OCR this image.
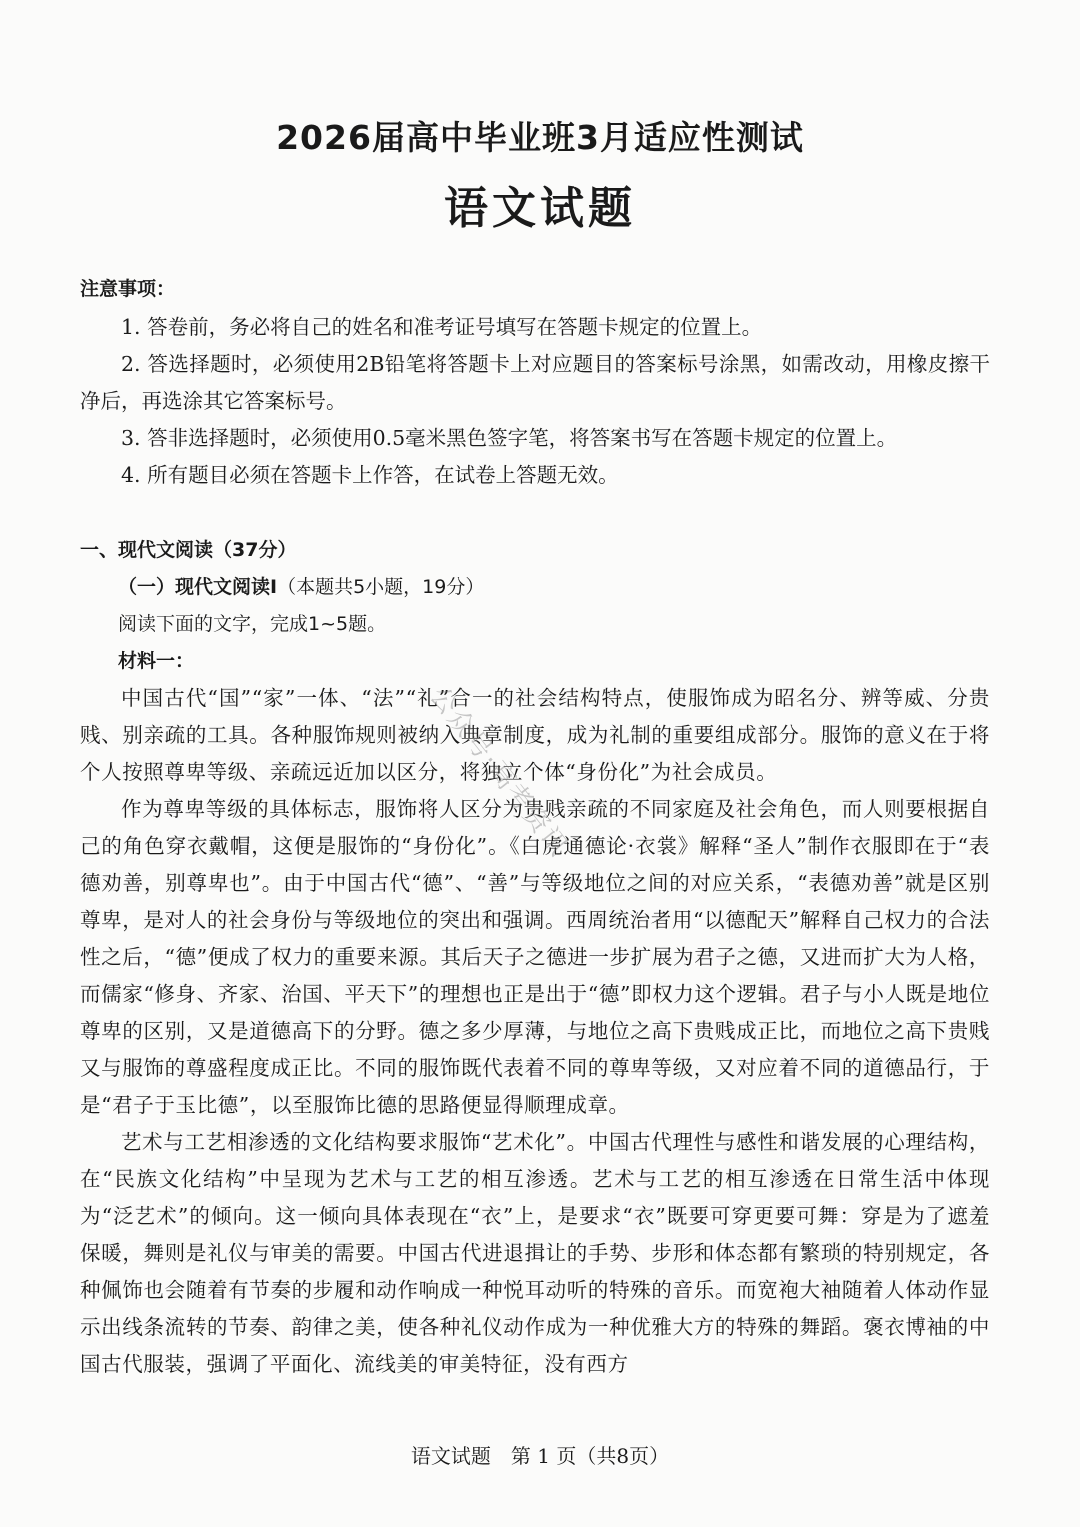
2026届高中毕业班3月适应性测试
语文试题
注意事项：

1. 答卷前，务必将自己的姓名和准考证号填写在答题卡规定的位置上。

2. 答选择题时，必须使用2B铅笔将答题卡上对应题目的答案标号涂黑，如需改动，用橡皮擦干净后，再选涂其它答案标号。

3. 答非选择题时，必须使用0.5毫米黑色签字笔，将答案书写在答题卡规定的位置上。

4. 所有题目必须在答题卡上作答，在试卷上答题无效。

一、现代文阅读（37分）
（一）现代文阅读Ⅰ（本题共5小题，19分）
阅读下面的文字，完成1~5题。
材料一：

中国古代“国”“家”一体、“法”“礼”合一的社会结构特点，使服饰成为昭名分、辨等威、分贵贱、别亲疏的工具。各种服饰规则被纳入典章制度，成为礼制的重要组成部分。服饰的意义在于将个人按照尊卑等级、亲疏远近加以区分，将独立个体“身份化”为社会成员。

作为尊卑等级的具体标志，服饰将人区分为贵贱亲疏的不同家庭及社会角色，而人则要根据自己的角色穿衣戴帽，这便是服饰的“身份化”。《白虎通德论·衣裳》解释“圣人”制作衣服即在于“表德劝善，别尊卑也”。由于中国古代“德”、“善”与等级地位之间的对应关系，“表德劝善”就是区别尊卑，是对人的社会身份与等级地位的突出和强调。西周统治者用“以德配天”解释自己权力的合法性之后，“德”便成了权力的重要来源。其后天子之德进一步扩展为君子之德，又进而扩大为人格，而儒家“修身、齐家、治国、平天下”的理想也正是出于“德”即权力这个逻辑。君子与小人既是地位尊卑的区别，又是道德高下的分野。德之多少厚薄，与地位之高下贵贱成正比，而地位之高下贵贱又与服饰的尊盛程度成正比。不同的服饰既代表着不同的尊卑等级，又对应着不同的道德品行，于是“君子于玉比德”，以至服饰比德的思路便显得顺理成章。

艺术与工艺相渗透的文化结构要求服饰“艺术化”。中国古代理性与感性和谐发展的心理结构，在“民族文化结构”中呈现为艺术与工艺的相互渗透。艺术与工艺的相互渗透在日常生活中体现为“泛艺术”的倾向。这一倾向具体表现在“衣”上，是要求“衣”既要可穿更要可舞：穿是为了遮羞保暖，舞则是礼仪与审美的需要。中国古代进退揖让的手势、步形和体态都有繁琐的特别规定，各种佩饰也会随着有节奏的步履和动作响成一种悦耳动听的特殊的音乐。而宽袍大袖随着人体动作显示出线条流转的节奏、韵律之美，使各种礼仪动作成为一种优雅大方的特殊的舞蹈。褒衣博袖的中国古代服装，强调了平面化、流线美的审美特征，没有西方

公众号·高考资讯
语文试题　第 1 页（共8页）
